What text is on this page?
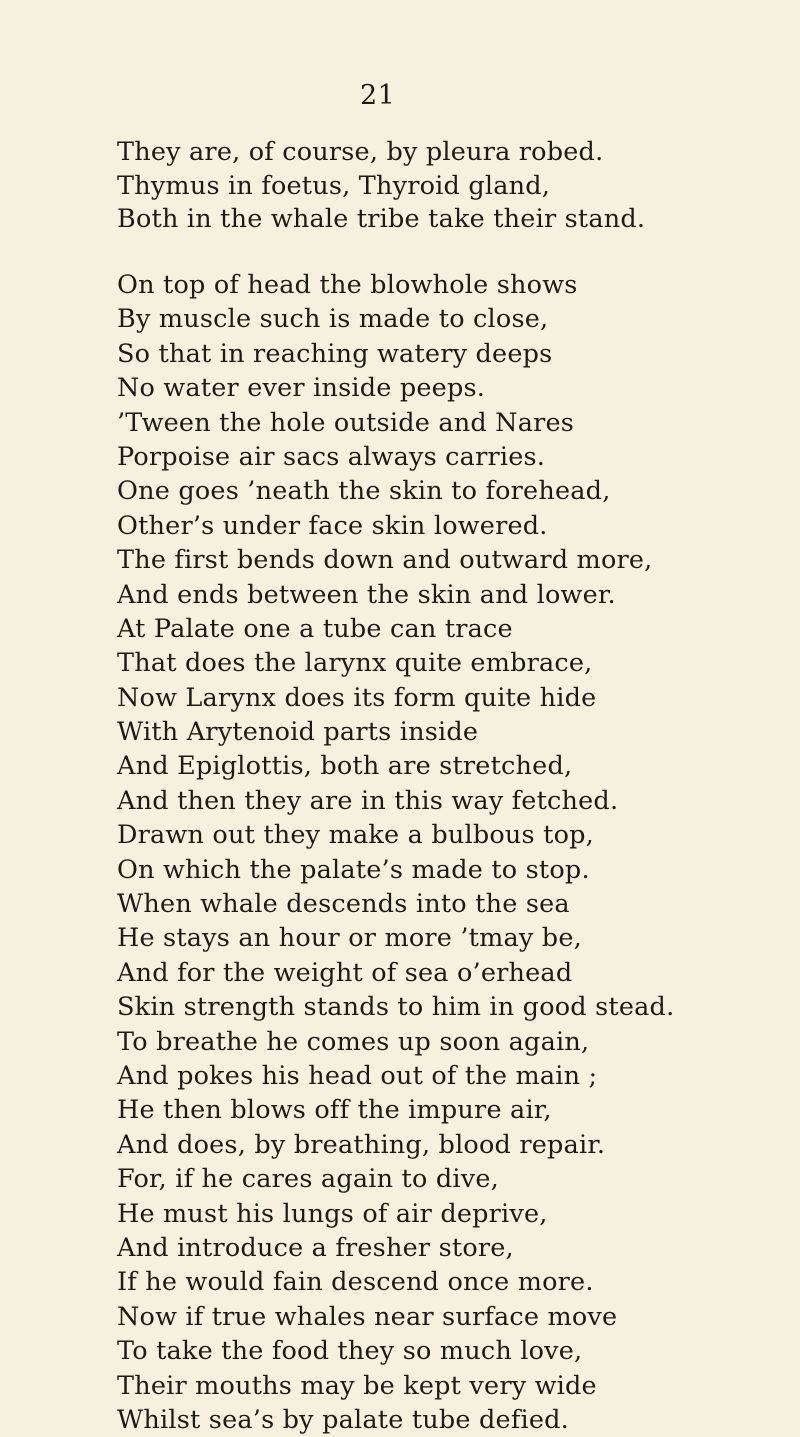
21
They are, of course, by pleura robed.
Thymus in foetus, Thyroid gland,
Both in the whale tribe take their stand.
On top of head the blowhole shows
By muscle such is made to close,
So that in reaching watery deeps
No water ever inside peeps.
’Tween the hole outside and Nares
Porpoise air sacs always carries.
One goes ’neath the skin to forehead,
Other’s under face skin lowered.
The first bends down and outward more,
And ends between the skin and lower.
At Palate one a tube can trace
That does the larynx quite embrace,
Now Larynx does its form quite hide
With Arytenoid parts inside
And Epiglottis, both are stretched,
And then they are in this way fetched.
Drawn out they make a bulbous top,
On which the palate’s made to stop.
When whale descends into the sea
He stays an hour or more ’tmay be,
And for the weight of sea o’erhead
Skin strength stands to him in good stead.
To breathe he comes up soon again,
And pokes his head out of the main ;
He then blows off the impure air,
And does, by breathing, blood repair.
For, if he cares again to dive,
He must his lungs of air deprive,
And introduce a fresher store,
If he would fain descend once more.
Now if true whales near surface move
To take the food they so much love,
Their mouths may be kept very wide
Whilst sea’s by palate tube defied.
